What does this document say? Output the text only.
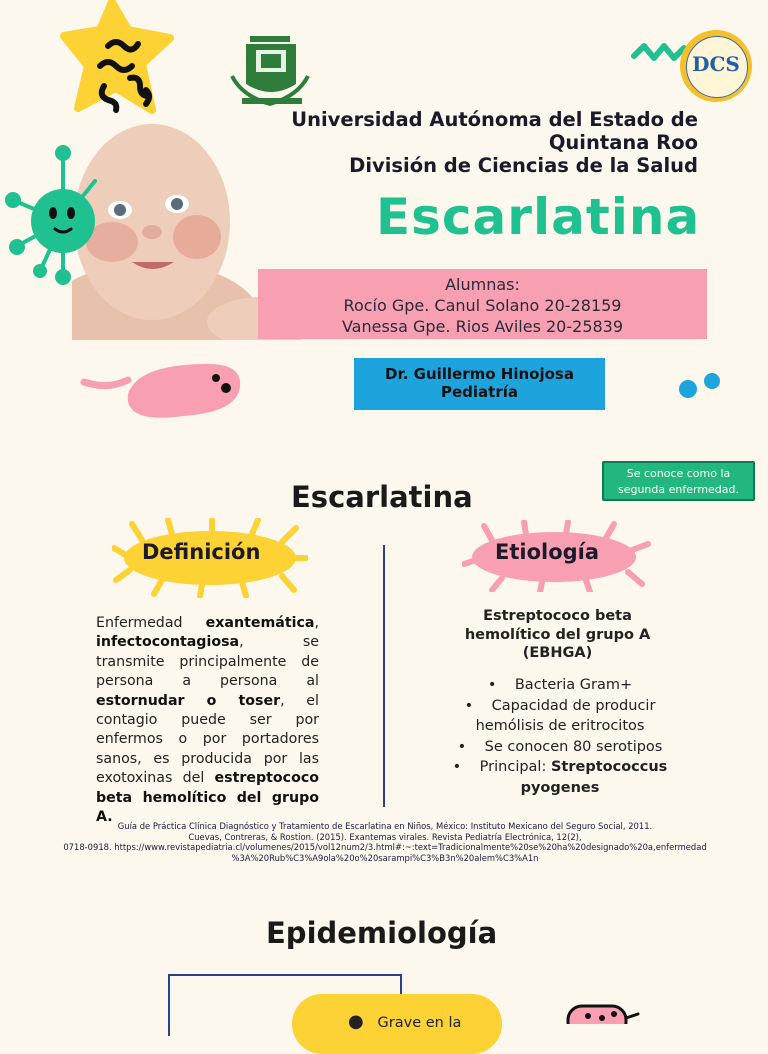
DCS
Universidad Autónoma del Estado de
Quintana Roo
División de Ciencias de la Salud
Escarlatina
Alumnas:
Rocío Gpe. Canul Solano 20-28159
Vanessa Gpe. Rios Aviles 20-25839
Dr. Guillermo Hinojosa
Pediatría
Se conoce como la
segunda enfermedad.
Escarlatina
Definición	Etiología
Enfermedad exantemática, infectocontagiosa, se transmite principalmente de persona a persona al estornudar o toser, el contagio puede ser por enfermos o por portadores sanos, es producida por las exotoxinas del estreptococo beta hemolítico del grupo A.
Estreptococo beta hemolítico del grupo A (EBHGA)
•    Bacteria Gram+
•    Capacidad de producir hemólisis de eritrocitos
•    Se conocen 80 serotipos
•    Principal: Streptococcus pyogenes
Guía de Práctica Clínica Diagnóstico y Tratamiento de Escarlatina en Niños, México: Instituto Mexicano del Seguro Social, 2011.
Cuevas, Contreras, & Rostion. (2015). Exantemas virales. Revista Pediatría Electrónica, 12(2),
0718-0918. https://www.revistapediatria.cl/volumenes/2015/vol12num2/3.html#:~:text=Tradicionalmente%20se%20ha%20designado%20a,enfermedad
%3A%20Rub%C3%A9ola%20o%20sarampi%C3%B3n%20alem%C3%A1n
Epidemiología
● Grave en la
